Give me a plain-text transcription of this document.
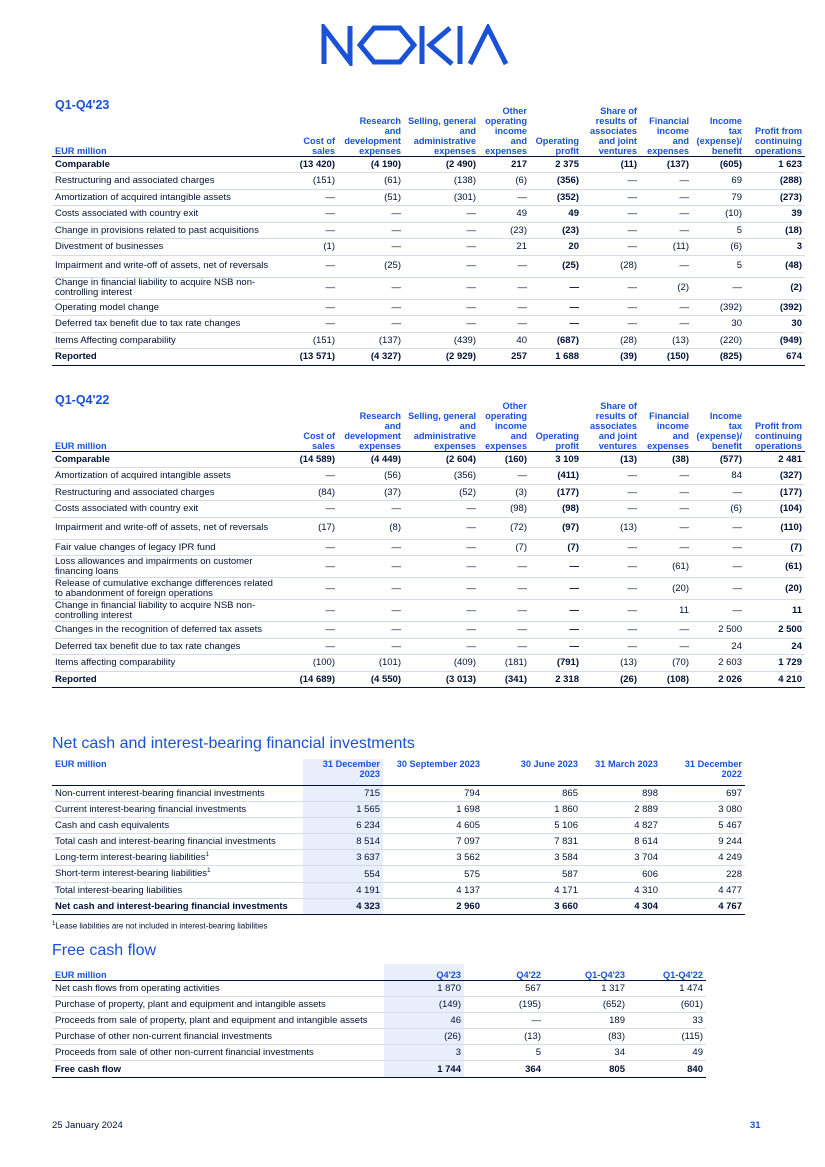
Q1-Q4'23
EUR million	Cost of sales	Research and development expenses	Selling, general and administrative expenses	Other operating income and expenses	Operating profit	Share of results of associates and joint ventures	Financial income and expenses	Income tax (expense)/ benefit	Profit from continuing operations
Comparable	(13 420)	(4 190)	(2 490)	217	2 375	(11)	(137)	(605)	1 623
Restructuring and associated charges	(151)	(61)	(138)	(6)	(356)	—	—	69	(288)
Amortization of acquired intangible assets	—	(51)	(301)	—	(352)	—	—	79	(273)
Costs associated with country exit	—	—	—	49	49	—	—	(10)	39
Change in provisions related to past acquisitions	—	—	—	(23)	(23)	—	—	5	(18)
Divestment of businesses	(1)	—	—	21	20	—	(11)	(6)	3
Impairment and write-off of assets, net of reversals	—	(25)	—	—	(25)	(28)	—	5	(48)
Change in financial liability to acquire NSB non-controlling interest	—	—	—	—	—	—	(2)	—	(2)
Operating model change	—	—	—	—	—	—	—	(392)	(392)
Deferred tax benefit due to tax rate changes	—	—	—	—	—	—	—	30	30
Items Affecting comparability	(151)	(137)	(439)	40	(687)	(28)	(13)	(220)	(949)
Reported	(13 571)	(4 327)	(2 929)	257	1 688	(39)	(150)	(825)	674
Q1-Q4'22
EUR million	Cost of sales	Research and development expenses	Selling, general and administrative expenses	Other operating income and expenses	Operating profit	Share of results of associates and joint ventures	Financial income and expenses	Income tax (expense)/ benefit	Profit from continuing operations
Comparable	(14 589)	(4 449)	(2 604)	(160)	3 109	(13)	(38)	(577)	2 481
Amortization of acquired intangible assets	—	(56)	(356)	—	(411)	—	—	84	(327)
Restructuring and associated charges	(84)	(37)	(52)	(3)	(177)	—	—	—	(177)
Costs associated with country exit	—	—	—	(98)	(98)	—	—	(6)	(104)
Impairment and write-off of assets, net of reversals	(17)	(8)	—	(72)	(97)	(13)	—	—	(110)
Fair value changes of legacy IPR fund	—	—	—	(7)	(7)	—	—	—	(7)
Loss allowances and impairments on customer financing loans	—	—	—	—	—	—	(61)	—	(61)
Release of cumulative exchange differences related to abandonment of foreign operations	—	—	—	—	—	—	(20)	—	(20)
Change in financial liability to acquire NSB non-controlling interest	—	—	—	—	—	—	11	—	11
Changes in the recognition of deferred tax assets	—	—	—	—	—	—	—	2 500	2 500
Deferred tax benefit due to tax rate changes	—	—	—	—	—	—	—	24	24
Items affecting comparability	(100)	(101)	(409)	(181)	(791)	(13)	(70)	2 603	1 729
Reported	(14 689)	(4 550)	(3 013)	(341)	2 318	(26)	(108)	2 026	4 210
Net cash and interest-bearing financial investments
EUR million	31 December 2023	30 September 2023	30 June 2023	31 March 2023	31 December 2022
Non-current interest-bearing financial investments	715	794	865	898	697
Current interest-bearing financial investments	1 565	1 698	1 860	2 889	3 080
Cash and cash equivalents	6 234	4 605	5 106	4 827	5 467
Total cash and interest-bearing financial investments	8 514	7 097	7 831	8 614	9 244
Long-term interest-bearing liabilities$^1$	3 637	3 562	3 584	3 704	4 249
Short-term interest-bearing liabilities$^1$	554	575	587	606	228
Total interest-bearing liabilities	4 191	4 137	4 171	4 310	4 477
Net cash and interest-bearing financial investments	4 323	2 960	3 660	4 304	4 767
$^1$Lease liabilities are not included in interest-bearing liabilities
Free cash flow
EUR million	Q4'23	Q4'22	Q1-Q4'23	Q1-Q4'22
Net cash flows from operating activities	1 870	567	1 317	1 474
Purchase of property, plant and equipment and intangible assets	(149)	(195)	(652)	(601)
Proceeds from sale of property, plant and equipment and intangible assets	46	—	189	33
Purchase of other non-current financial investments	(26)	(13)	(83)	(115)
Proceeds from sale of other non-current financial investments	3	5	34	49
Free cash flow	1 744	364	805	840
25 January 2024	31
